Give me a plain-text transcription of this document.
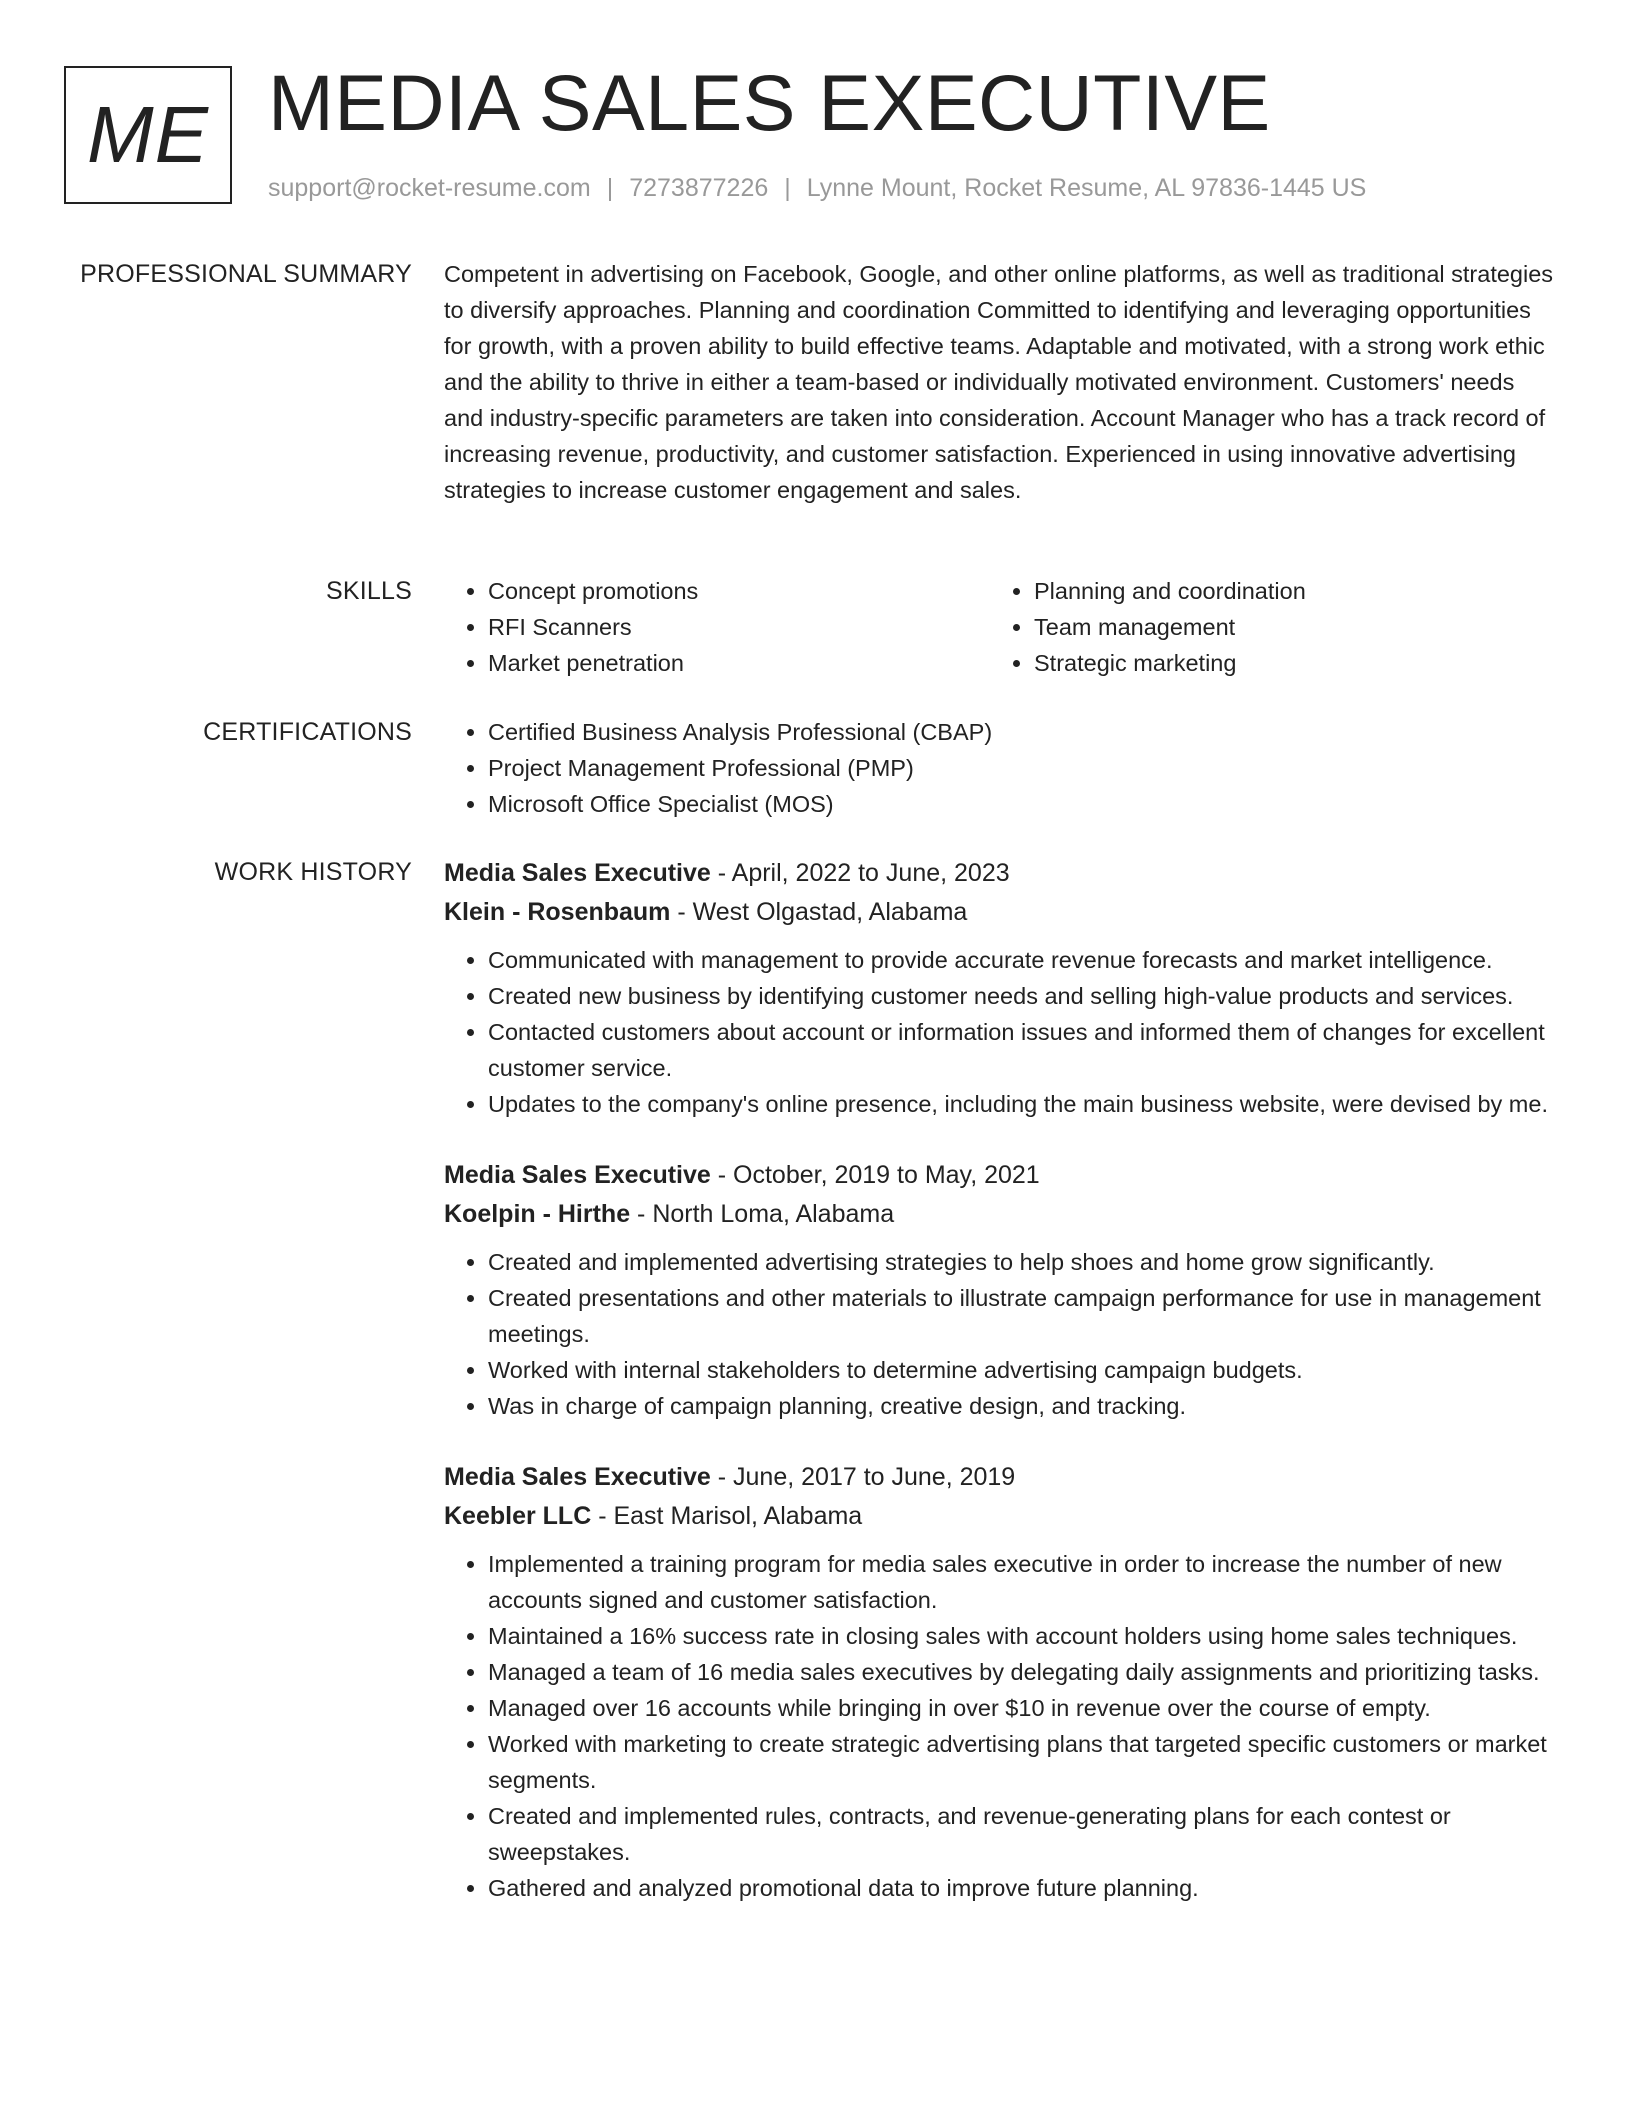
ME MEDIA SALES EXECUTIVE
support@rocket-resume.com | 7273877226 | Lynne Mount, Rocket Resume, AL 97836-1445 US
PROFESSIONAL SUMMARY Competent in advertising on Facebook, Google, and other online platforms, as well as traditional strategies to diversify approaches. Planning and coordination Committed to identifying and leveraging opportunities for growth, with a proven ability to build effective teams. Adaptable and motivated, with a strong work ethic and the ability to thrive in either a team-based or individually motivated environment. Customers' needs and industry-specific parameters are taken into consideration. Account Manager who has a track record of increasing revenue, productivity, and customer satisfaction. Experienced in using innovative advertising strategies to increase customer engagement and sales.

SKILLS	• Concept promotions
• RFI Scanners
• Market penetration
• Planning and coordination
• Team management
• Strategic marketing
CERTIFICATIONS	• Certified Business Analysis Professional (CBAP)
• Project Management Professional (PMP)
• Microsoft Office Specialist (MOS)
WORK HISTORY Media Sales Executive - April, 2022 to June, 2023
Klein - Rosenbaum - West Olgastad, Alabama
• Communicated with management to provide accurate revenue forecasts and market intelligence.
• Created new business by identifying customer needs and selling high-value products and services.
• Contacted customers about account or information issues and informed them of changes for excellent customer service.
• Updates to the company's online presence, including the main business website, were devised by me.
Media Sales Executive - October, 2019 to May, 2021
Koelpin - Hirthe - North Loma, Alabama
• Created and implemented advertising strategies to help shoes and home grow significantly.
• Created presentations and other materials to illustrate campaign performance for use in management meetings.
• Worked with internal stakeholders to determine advertising campaign budgets.
• Was in charge of campaign planning, creative design, and tracking.
Media Sales Executive - June, 2017 to June, 2019
Keebler LLC - East Marisol, Alabama
• Implemented a training program for media sales executive in order to increase the number of new accounts signed and customer satisfaction.
• Maintained a 16% success rate in closing sales with account holders using home sales techniques.
• Managed a team of 16 media sales executives by delegating daily assignments and prioritizing tasks.
• Managed over 16 accounts while bringing in over $10 in revenue over the course of empty.
• Worked with marketing to create strategic advertising plans that targeted specific customers or market segments.
• Created and implemented rules, contracts, and revenue-generating plans for each contest or sweepstakes.
• Gathered and analyzed promotional data to improve future planning.
